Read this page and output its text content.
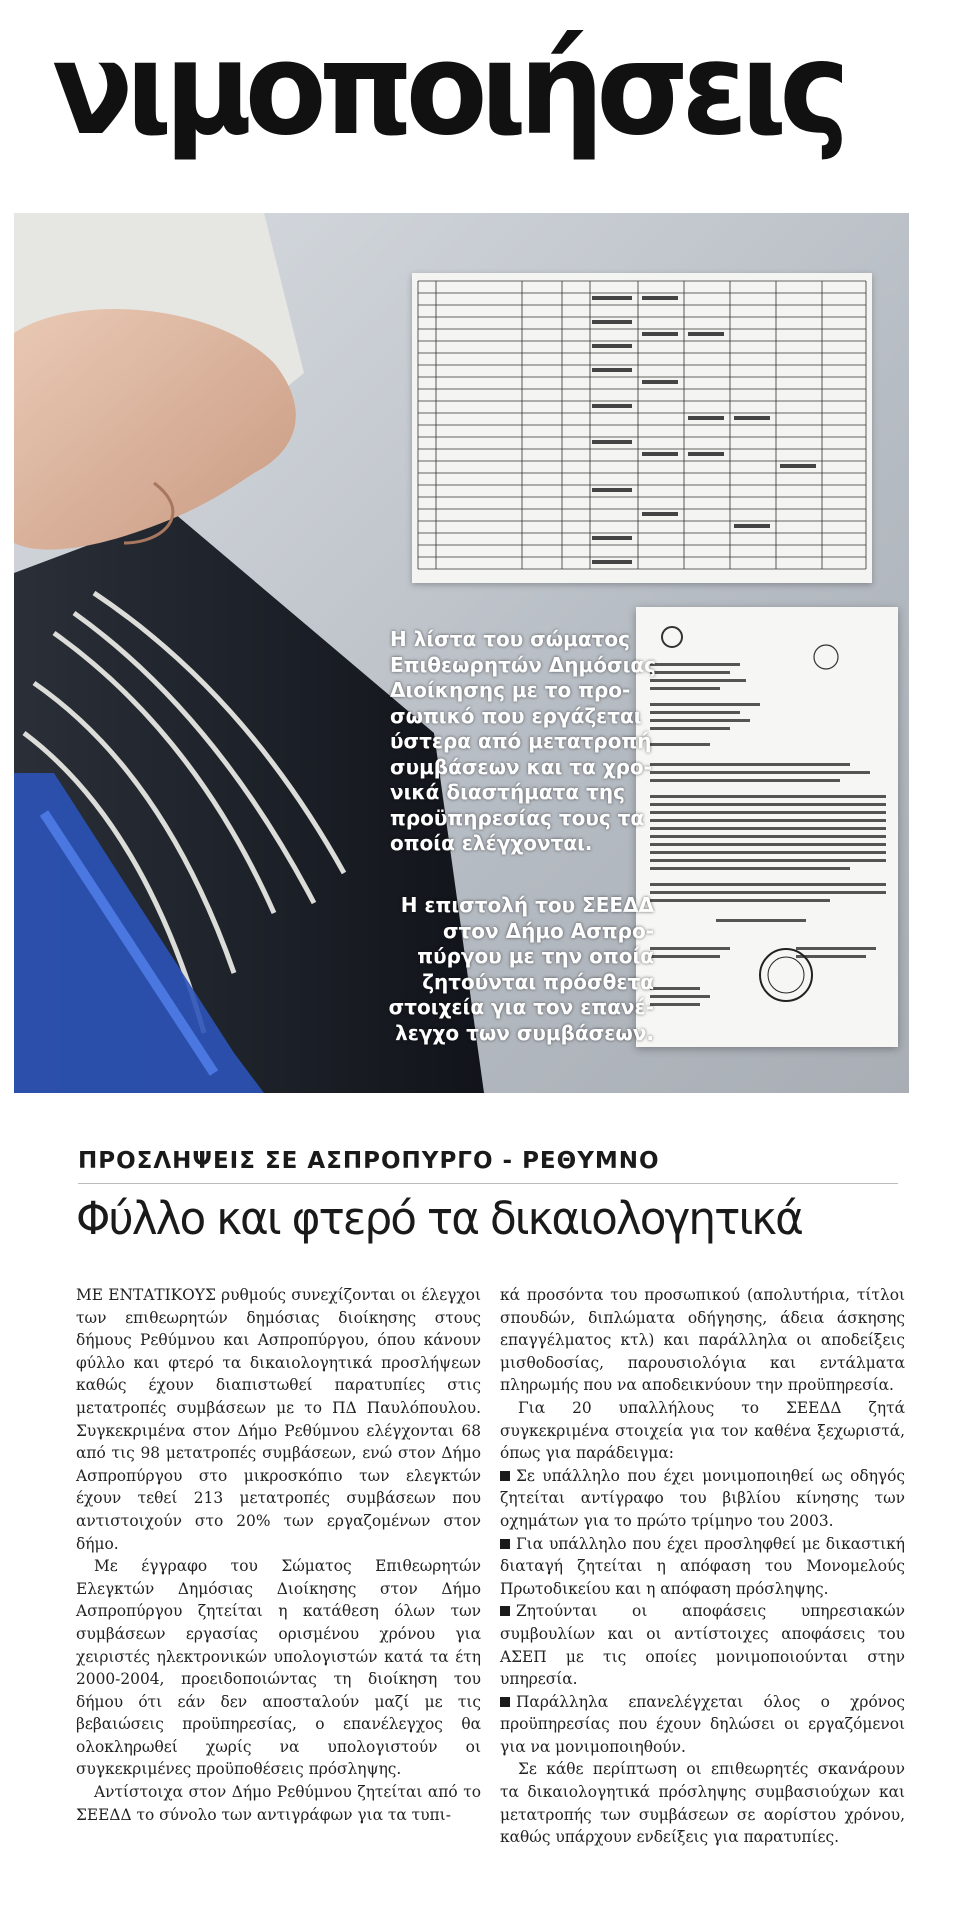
νιμοποιήσεις
Η λίστα του σώματος
Επιθεωρητών Δημόσιας
Διοίκησης με το προ-
σωπικό που εργάζεται
ύστερα από μετατροπή
συμβάσεων και τα χρο-
νικά διαστήματα της
προϋπηρεσίας τους τα
οποία ελέγχονται.
Η επιστολή του ΣΕΕΔΔ
στον Δήμο Ασπρο-
πύργου με την οποία
ζητούνται πρόσθετα
στοιχεία για τον επανέ-
λεγχο των συμβάσεων.
ΠΡΟΣΛΗΨΕΙΣ ΣΕ ΑΣΠΡΟΠΥΡΓΟ - ΡΕΘΥΜΝΟ
Φύλλο και φτερό τα δικαιολογητικά

ΜΕ ΕΝΤΑΤΙΚΟΥΣ ρυθμούς συνεχίζονται οι έλεγχοι των επιθεωρητών δημόσιας διοίκησης στους δήμους Ρεθύμνου και Ασπροπύργου, όπου κάνουν φύλλο και φτερό τα δικαιολογητικά προσλήψεων καθώς έχουν διαπιστωθεί παρατυπίες στις μετατροπές συμβάσεων με το ΠΔ Παυλόπουλου. Συγκεκριμένα στον Δήμο Ρεθύμνου ελέγχονται 68 από τις 98 μετατροπές συμβάσεων, ενώ στον Δήμο Ασπροπύργου στο μικροσκόπιο των ελεγκτών έχουν τεθεί 213 μετατροπές συμβάσεων που αντιστοιχούν στο 20% των εργαζομένων στον δήμο.

Με έγγραφο του Σώματος Επιθεωρητών Ελεγκτών Δημόσιας Διοίκησης στον Δήμο Ασπροπύργου ζητείται η κατάθεση όλων των συμβάσεων εργασίας ορισμένου χρόνου για χειριστές ηλεκτρονικών υπολογιστών κατά τα έτη 2000-2004, προειδοποιώντας τη διοίκηση του δήμου ότι εάν δεν αποσταλούν μαζί με τις βεβαιώσεις προϋπηρεσίας, ο επανέλεγχος θα ολοκληρωθεί χωρίς να υπολογιστούν οι συγκεκριμένες προϋποθέσεις πρόσληψης.

Αντίστοιχα στον Δήμο Ρεθύμνου ζητείται από το ΣΕΕΔΔ το σύνολο των αντιγράφων για τα τυπι-

κά προσόντα του προσωπικού (απολυτήρια, τίτλοι σπουδών, διπλώματα οδήγησης, άδεια άσκησης επαγγέλματος κτλ) και παράλληλα οι αποδείξεις μισθοδοσίας, παρουσιολόγια και εντάλματα πληρωμής που να αποδεικνύουν την προϋπηρεσία.

Για 20 υπαλλήλους το ΣΕΕΔΔ ζητά συγκεκριμένα στοιχεία για τον καθένα ξεχωριστά, όπως για παράδειγμα:

Σε υπάλληλο που έχει μονιμοποιηθεί ως οδηγός ζητείται αντίγραφο του βιβλίου κίνησης των οχημάτων για το πρώτο τρίμηνο του 2003.

Για υπάλληλο που έχει προσληφθεί με δικαστική διαταγή ζητείται η απόφαση του Μονομελούς Πρωτοδικείου και η απόφαση πρόσληψης.

Ζητούνται οι αποφάσεις υπηρεσιακών συμβουλίων και οι αντίστοιχες αποφάσεις του ΑΣΕΠ με τις οποίες μονιμοποιούνται στην υπηρεσία.

Παράλληλα επανελέγχεται όλος ο χρόνος προϋπηρεσίας που έχουν δηλώσει οι εργαζόμενοι για να μονιμοποιηθούν.

Σε κάθε περίπτωση οι επιθεωρητές σκανάρουν τα δικαιολογητικά πρόσληψης συμβασιούχων και μετατροπής των συμβάσεων σε αορίστου χρόνου, καθώς υπάρχουν ενδείξεις για παρατυπίες.
